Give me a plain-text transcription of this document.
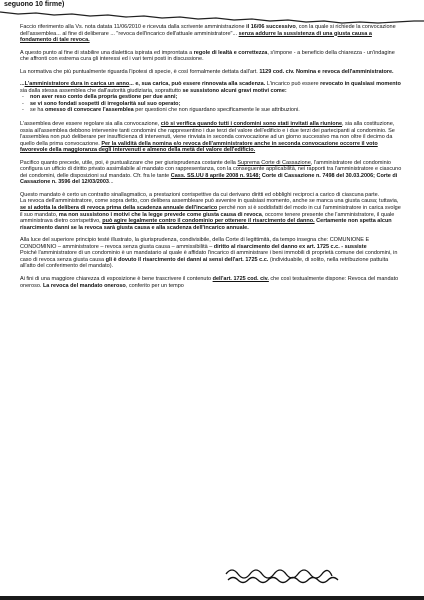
seguono 10 firme)
Faccio riferimento alla Vs. nota datata 11/06/2010 e ricevuta dalla scrivente amministrazione il 16/06 successivo, con la quale si richiede la convocazione dell'assemblea... al fine di deliberare ... "revoca dell'incarico dell'attuale amministratore"... senza addurre la sussistenza di una giusta causa a fondamento di tale revoca.
A questo punto al fine di stabilire una dialettica ispirata ed improntata a regole di lealtà e correttezza, s'impone - a beneficio della chiarezza - un'indagine che affronti con estrema cura gli interessi ed i vari temi posti in discussione.
La normativa che più puntualmente riguarda l'ipotesi di specie, è così formalmente dettata dall'art. 1129 cod. civ. Nomina e revoca dell'amministratore.
...L'amministratore dura in carica un anno... e, sua carica, può essere rinnovata alla scadenza. L'incarico può essere revocato in qualsiasi momento sia dalla stessa assemblea che dall'autorità giudiziaria, soprattutto se sussistono alcuni gravi motivi come:
- non aver reso conto della propria gestione per due anni;
- se vi sono fondati sospetti di irregolarità sul suo operato;
- se ha omesso di convocare l'assemblea per questioni che non riguardano specificamente le sue attribuzioni.
L'assemblea deve essere regolare sia alla convocazione, ciò si verifica quando tutti i condomini sono stati invitati alla riunione, sia alla costituzione, ossia all'assemblea debbono intervenire tanti condomini che rappresentino i due terzi del valore dell'edificio e i due terzi dei partecipanti al condominio. Se l'assemblea non può deliberare per insufficienza di intervenuti, viene rinviata in seconda convocazione ad un giorno successivo ma non oltre il decimo da quello della prima convocazione. Per la validità della nomina e/o revoca dell'amministratore anche in seconda convocazione occorre il voto favorevole della maggioranza degli intervenuti e almeno della metà del valore dell'edificio.
Pacifico quanto precede, utile, poi, è puntualizzare che per giurisprudenza costante della Suprema Corte di Cassazione, l'amministratore del condominio configura un ufficio di diritto privato assimilabile al mandato con rappresentanza, con la conseguente applicabilità, nei rapporti tra l'amministratore e ciascuno dei condomini, delle disposizioni sul mandato. Cfr. fra le tante Cass. SS.UU 8 aprile 2008 n. 9148; Corte di Cassazione n. 7498 del 30.03.2006; Corte di Cassazione n. 3596 del 12/03/2003...
Questo mandato è certo un contratto sinallagmatico, a prestazioni corrispettive da cui derivano diritti ed obblighi reciproci a carico di ciascuna parte.
La revoca dell'amministratore, come sopra detto, con delibera assembleare può avvenire in qualsiasi momento, anche se manca una giusta causa; tuttavia, se si adotta la delibera di revoca prima della scadenza annuale dell'incarico perché non si è soddisfatti del modo in cui l'amministratore in carica svolge il suo mandato, ma non sussistono i motivi che la legge prevede come giusta causa di revoca, occorre tenere presente che l'amministratore, il quale amministrava dietro corrispettivo, può agire legalmente contro il condominio per ottenere il risarcimento del danno. Certamente non spetta alcun risarcimento danni se la revoca sarà giusta causa e alla scadenza dell'incarico annuale.
Alla luce del superiore principio testé illustrato, la giurisprudenza, condivisibile, della Corte di legittimità, da tempo insegna che: COMUNIONE E CONDOMINIO – amministratore – revoca senza giusta causa – ammissibilità – diritto al risarcimento del danno ex art. 1725 c.c. - sussiste
Poiché l'amministratore di un condominio è un mandatario al quale è affidato l'incarico di amministrare i beni immobili di proprietà comune dei condomini, in caso di revoca senza giusta causa gli è dovuto il risarcimento dei danni ai sensi dell'art. 1725 c.c. (individuabile, di solito, nella retribuzione pattuita all'atto del conferimento del mandato).
Ai fini di una maggiore chiarezza di esposizione è bene trascrivere il contenuto dell'art. 1725 cod. civ. che così testualmente dispone: Revoca del mandato oneroso. La revoca del mandato oneroso, conferito per un tempo
